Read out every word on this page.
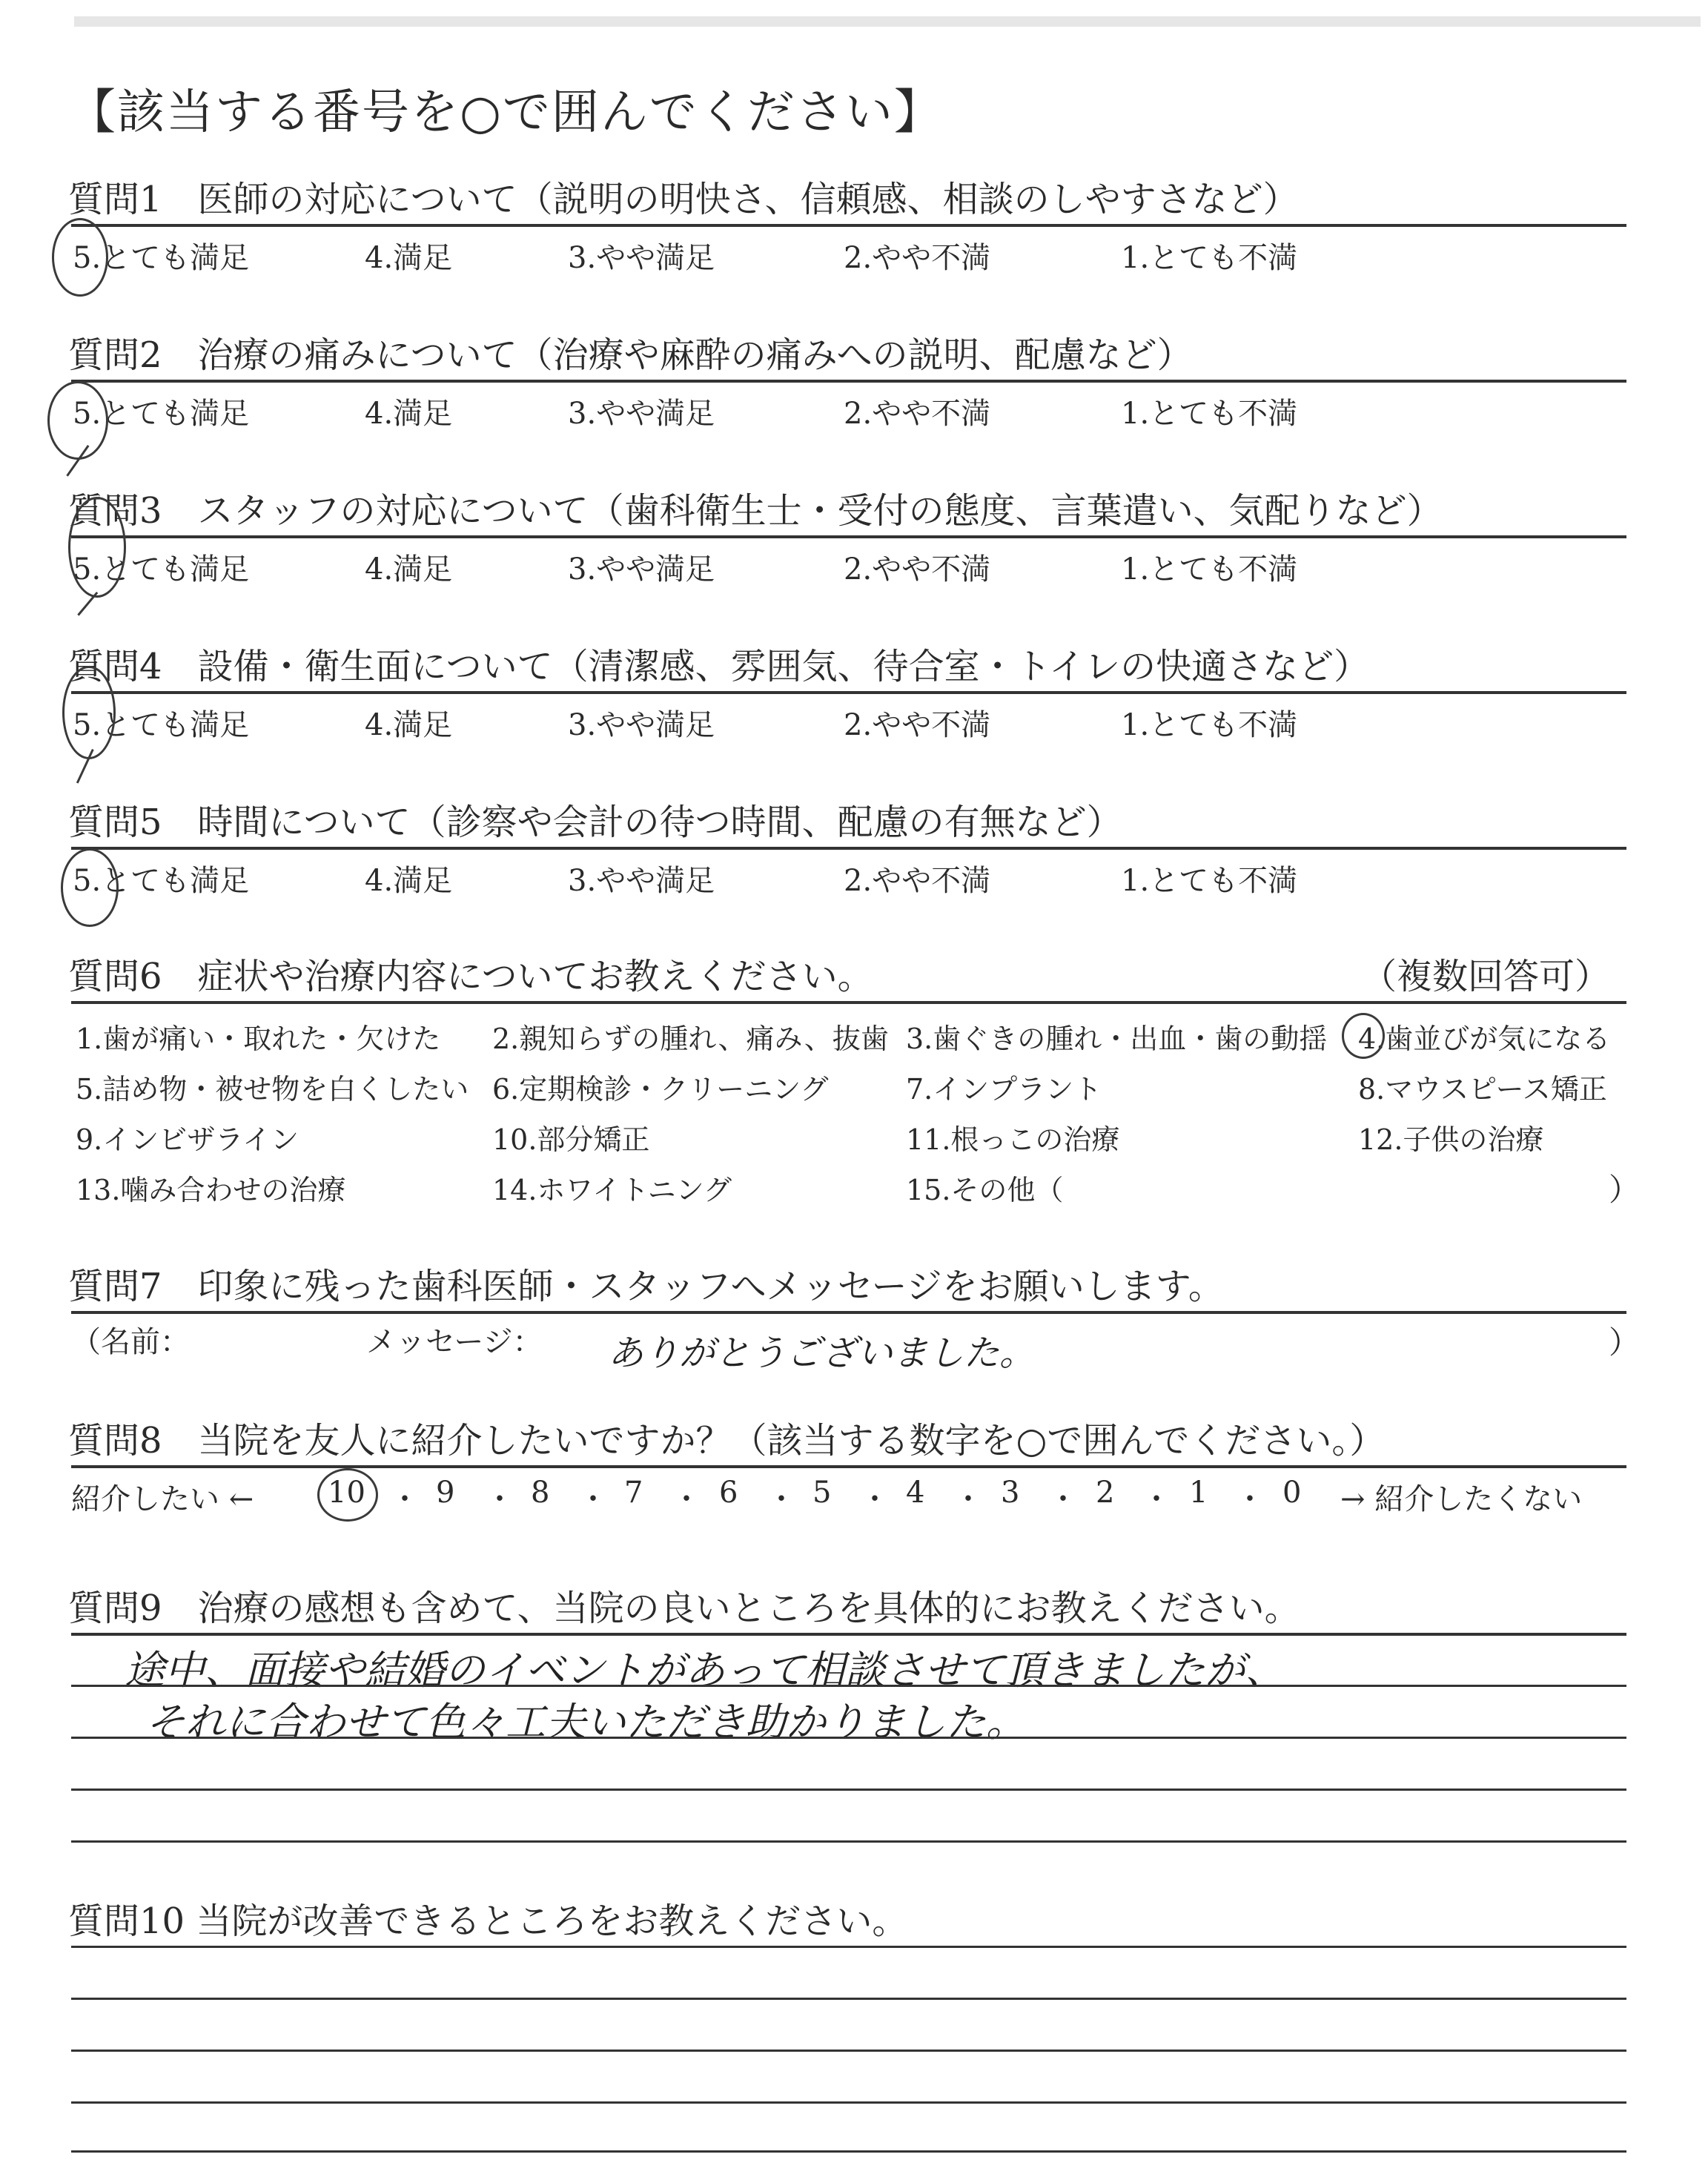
【該当する番号を○で囲んでください】
質問1　医師の対応について（説明の明快さ、信頼感、相談のしやすさなど）
5.とても満足	4.満足	3.やや満足	2.やや不満	1.とても不満
質問2　治療の痛みについて（治療や麻酔の痛みへの説明、配慮など）
5.とても満足	4.満足	3.やや満足	2.やや不満	1.とても不満
質問3　スタッフの対応について（歯科衛生士・受付の態度、言葉遣い、気配りなど）
5.とても満足	4.満足	3.やや満足	2.やや不満	1.とても不満
質問4　設備・衛生面について（清潔感、雰囲気、待合室・トイレの快適さなど）
5.とても満足	4.満足	3.やや満足	2.やや不満	1.とても不満
質問5　時間について（診察や会計の待つ時間、配慮の有無など）
5.とても満足	4.満足	3.やや満足	2.やや不満	1.とても不満
質問6　症状や治療内容についてお教えください。	（複数回答可）
1.歯が痛い・取れた・欠けた 2.親知らずの腫れ、痛み、抜歯 3.歯ぐきの腫れ・出血・歯の動揺 4.歯並びが気になる
5.詰め物・被せ物を白くしたい 6.定期検診・クリーニング	7.インプラント	8.マウスピース矯正
9.インビザライン	10.部分矯正	11.根っこの治療	12.子供の治療
13.噛み合わせの治療	14.ホワイトニング	15.その他（	）
質問7　印象に残った歯科医師・スタッフへメッセージをお願いします。
（名前：	メッセージ： ありがとうございました。	）
質問8　当院を友人に紹介したいですか？（該当する数字を○で囲んでください。）
紹介したい ← 10 ・ 9 ・ 8 ・ 7 ・ 6 ・ 5 ・ 4 ・ 3 ・ 2 ・ 1 ・ 0 → 紹介したくない
質問9　治療の感想も含めて、当院の良いところを具体的にお教えください。
途中、面接や結婚のイベントがあって相談させて頂きましたが、
それに合わせて色々工夫いただき助かりました。
質問10 当院が改善できるところをお教えください。
